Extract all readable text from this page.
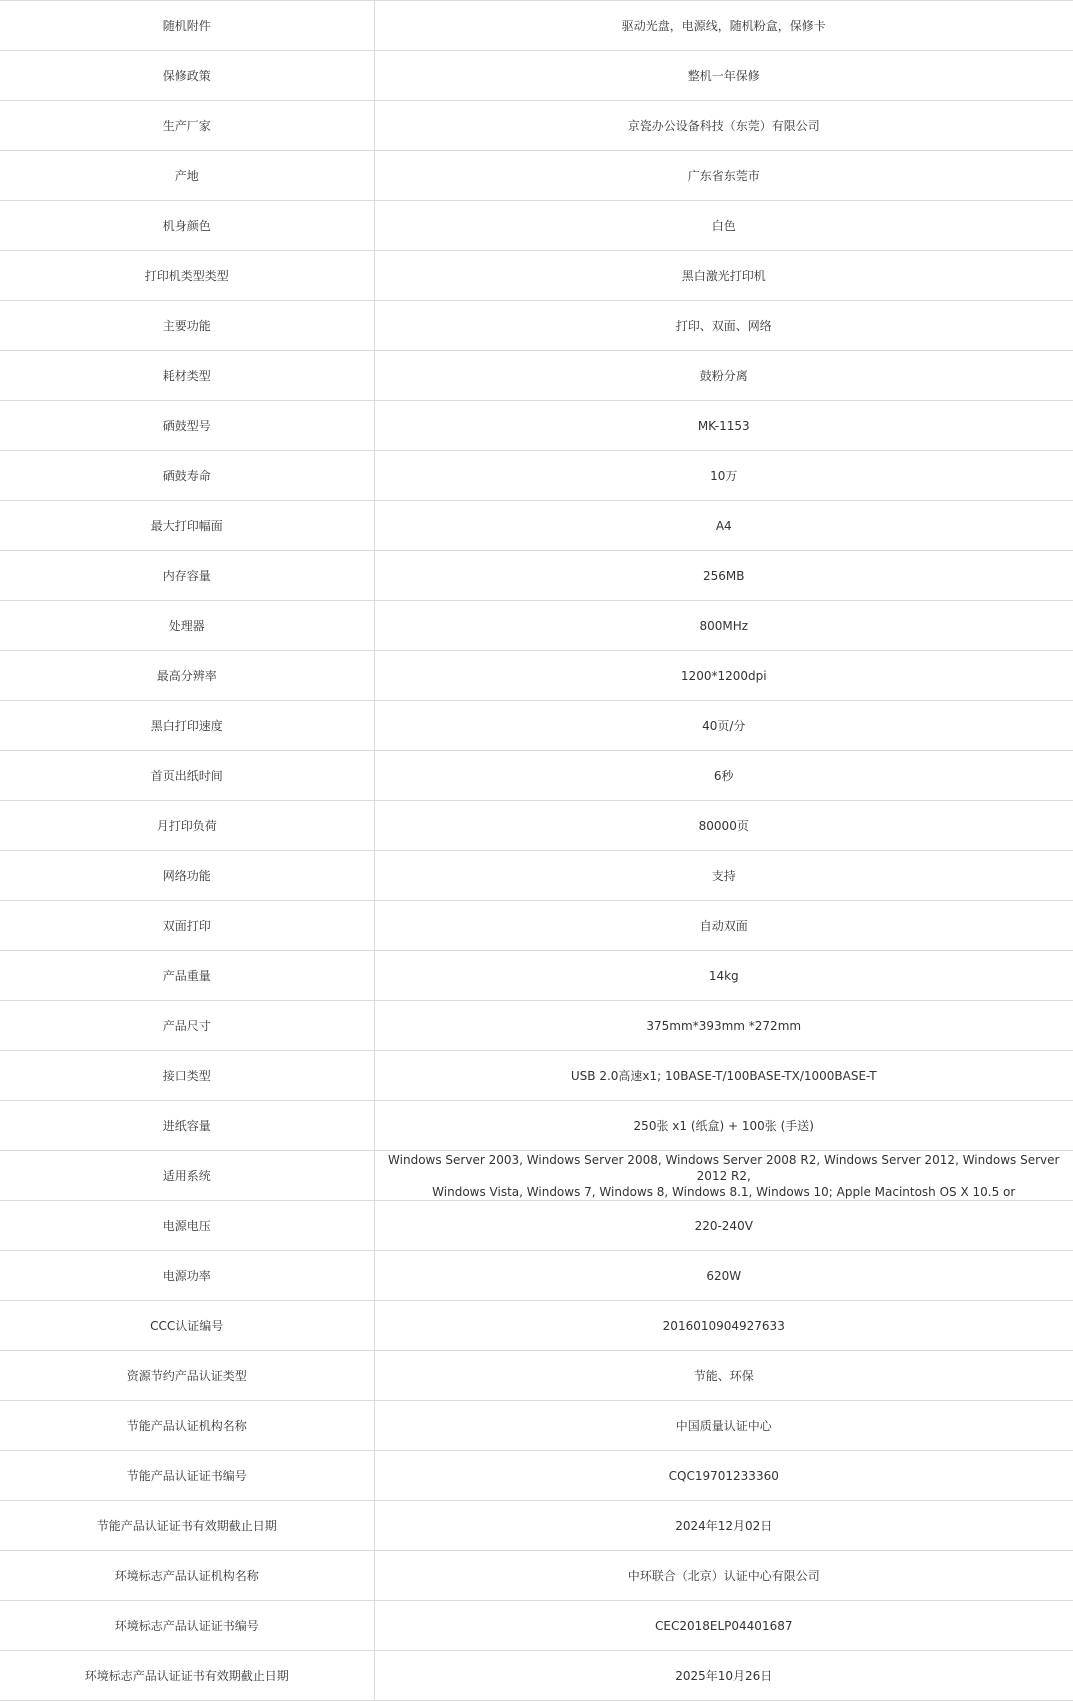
随机附件	驱动光盘，电源线，随机粉盒，保修卡
保修政策	整机一年保修
生产厂家	京瓷办公设备科技（东莞）有限公司
产地	广东省东莞市
机身颜色	白色
打印机类型类型	黑白激光打印机
主要功能	打印、双面、网络
耗材类型	鼓粉分离
硒鼓型号	MK-1153
硒鼓寿命	10万
最大打印幅面	A4
内存容量	256MB
处理器	800MHz
最高分辨率	1200*1200dpi
黑白打印速度	40页/分
首页出纸时间	6秒
月打印负荷	80000页
网络功能	支持
双面打印	自动双面
产品重量	14kg
产品尺寸	375mm*393mm *272mm
接口类型	USB 2.0高速x1; 10BASE-T/100BASE-TX/1000BASE-T
进纸容量	250张 x1 (纸盒) + 100张 (手送)
适用系统	Windows Server 2003, Windows Server 2008, Windows Server 2008 R2, Windows Server 2012, Windows Server 2012 R2,
Windows Vista, Windows 7, Windows 8, Windows 8.1, Windows 10; Apple Macintosh OS X 10.5 or
电源电压	220-240V
电源功率	620W
CCC认证编号	2016010904927633
资源节约产品认证类型	节能、环保
节能产品认证机构名称	中国质量认证中心
节能产品认证证书编号	CQC19701233360
节能产品认证证书有效期截止日期	2024年12月02日
环境标志产品认证机构名称	中环联合（北京）认证中心有限公司
环境标志产品认证证书编号	CEC2018ELP04401687
环境标志产品认证证书有效期截止日期	2025年10月26日
